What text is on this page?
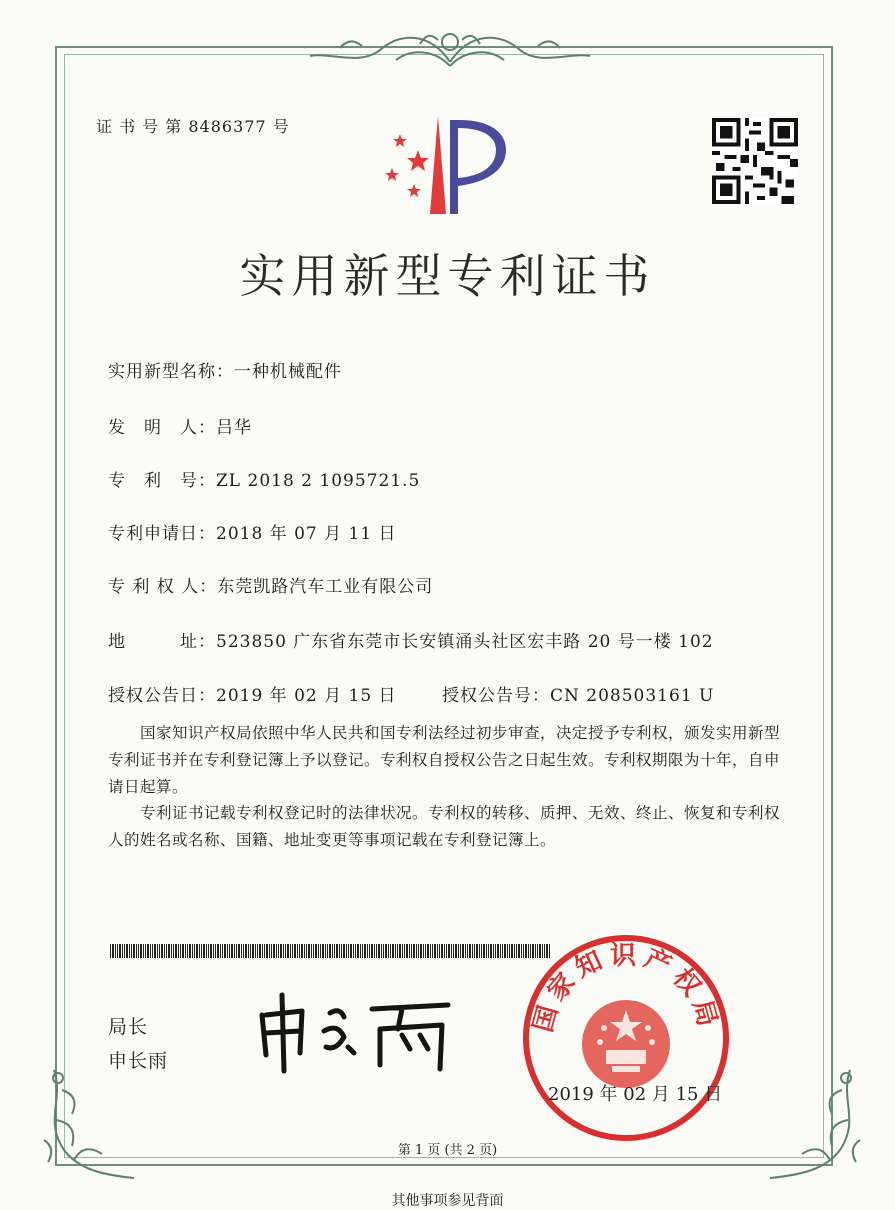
证 书 号 第 8486377 号
实用新型专利证书
实用新型名称：一种机械配件
发　明　人：吕华
专　利　号：ZL 2018 2 1095721.5
专利申请日：2018 年 07 月 11 日
专 利 权 人：东莞凯路汽车工业有限公司
地　　　址：523850 广东省东莞市长安镇涌头社区宏丰路 20 号一楼 102
授权公告日：2019 年 02 月 15 日	授权公告号：CN 208503161 U
国家知识产权局依照中华人民共和国专利法经过初步审查，决定授予专利权，颁发实用新型专利证书并在专利登记簿上予以登记。专利权自授权公告之日起生效。专利权期限为十年，自申请日起算。
专利证书记载专利权登记时的法律状况。专利权的转移、质押、无效、终止、恢复和专利权人的姓名或名称、国籍、地址变更等事项记载在专利登记簿上。
局长
申长雨
国家知识产权局
2019 年 02 月 15 日
第 1 页 (共 2 页)
其他事项参见背面
